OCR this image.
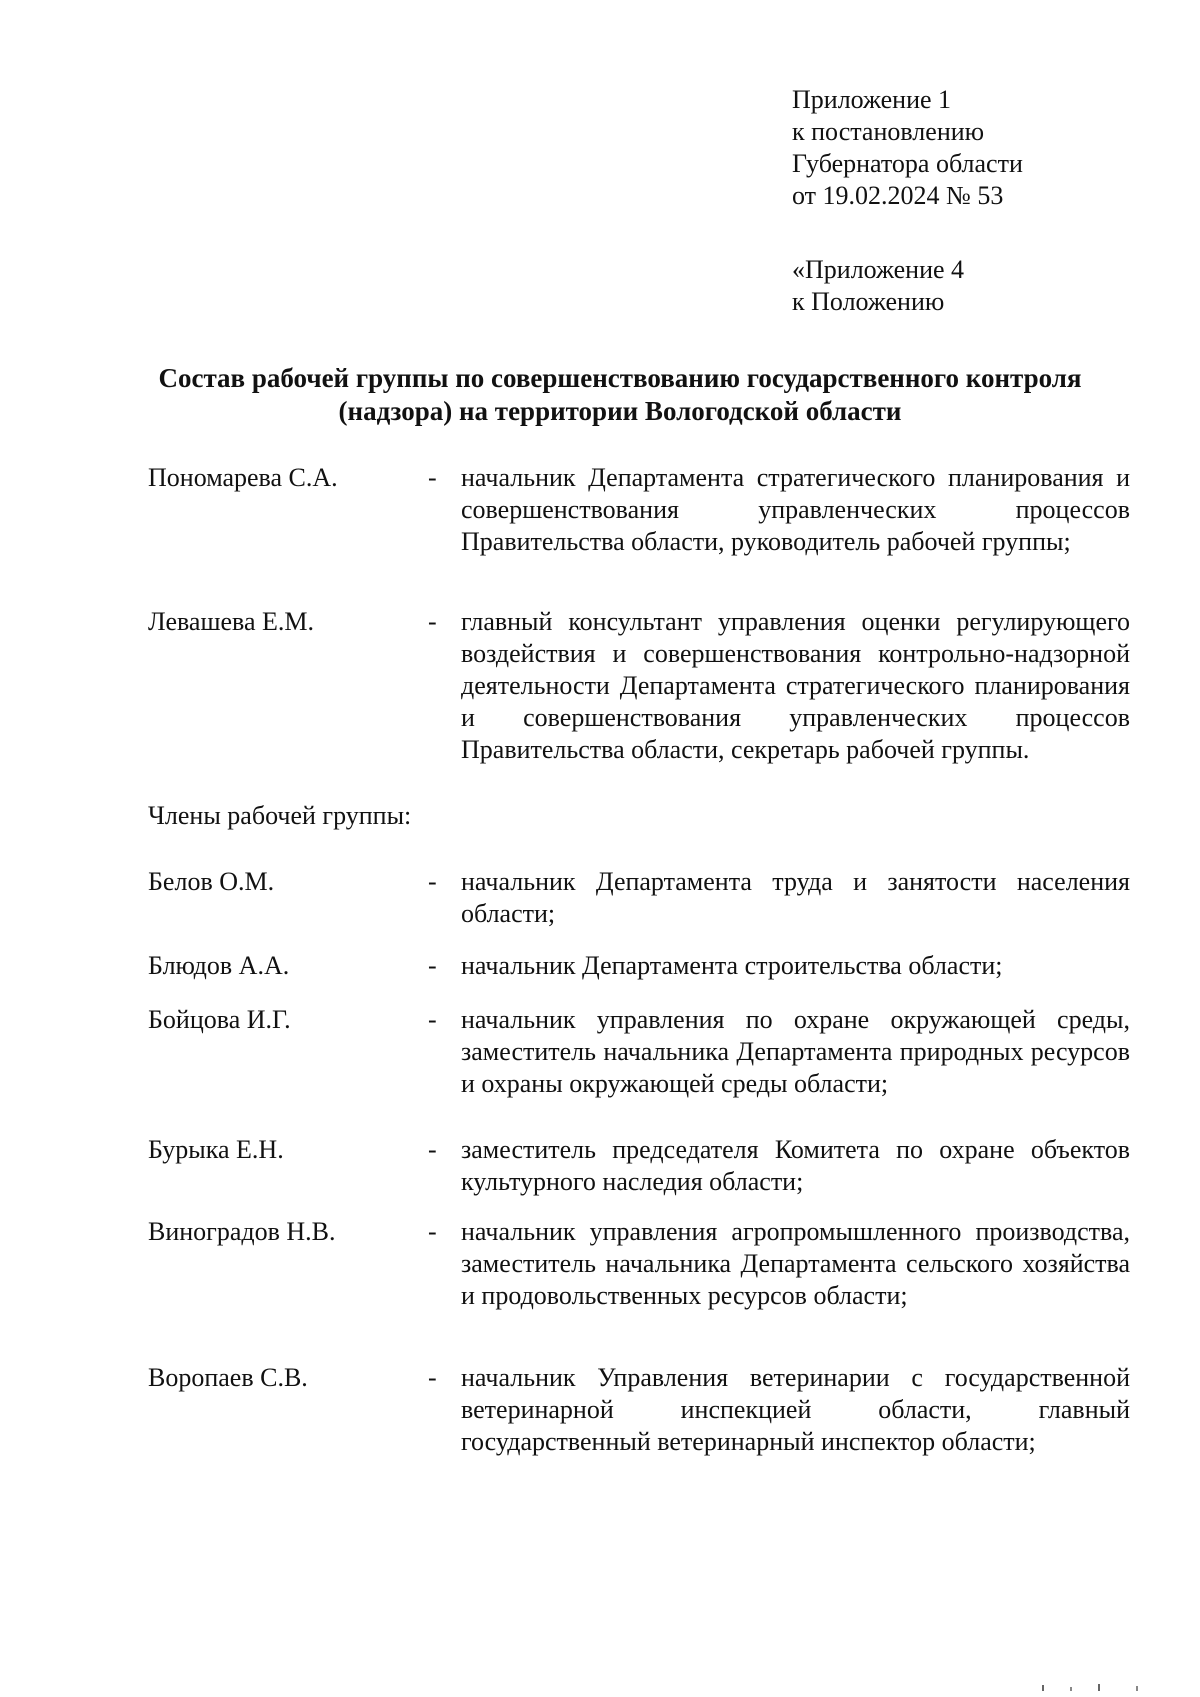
Приложение 1
к постановлению
Губернатора области
от 19.02.2024 № 53
«Приложение 4
к Положению
Состав рабочей группы по совершенствованию государственного контроля
(надзора) на территории Вологодской области
Пономарева С.А.	- начальник Департамента стратегического планирования и совершенствования управленческих процессов Правительства области, руководитель рабочей группы;
Левашева Е.М.	- главный консультант управления оценки регулирующего воздействия и совершенствования контрольно-надзорной деятельности Департамента стратегического планирования и совершенствования управленческих процессов Правительства области, секретарь рабочей группы.
Члены рабочей группы:
Белов О.М.	- начальник Департамента труда и занятости населения области;
Блюдов А.А.	- начальник Департамента строительства области;
Бойцова И.Г.	- начальник управления по охране окружающей среды, заместитель начальника Департамента природных ресурсов и охраны окружающей среды области;
Бурыка Е.Н.	- заместитель председателя Комитета по охране объектов культурного наследия области;
Виноградов Н.В.	- начальник управления агропромышленного производства, заместитель начальника Департамента сельского хозяйства и продовольственных ресурсов области;
Воропаев С.В.	- начальник Управления ветеринарии с государственной ветеринарной инспекцией области, главный государственный ветеринарный инспектор области;
